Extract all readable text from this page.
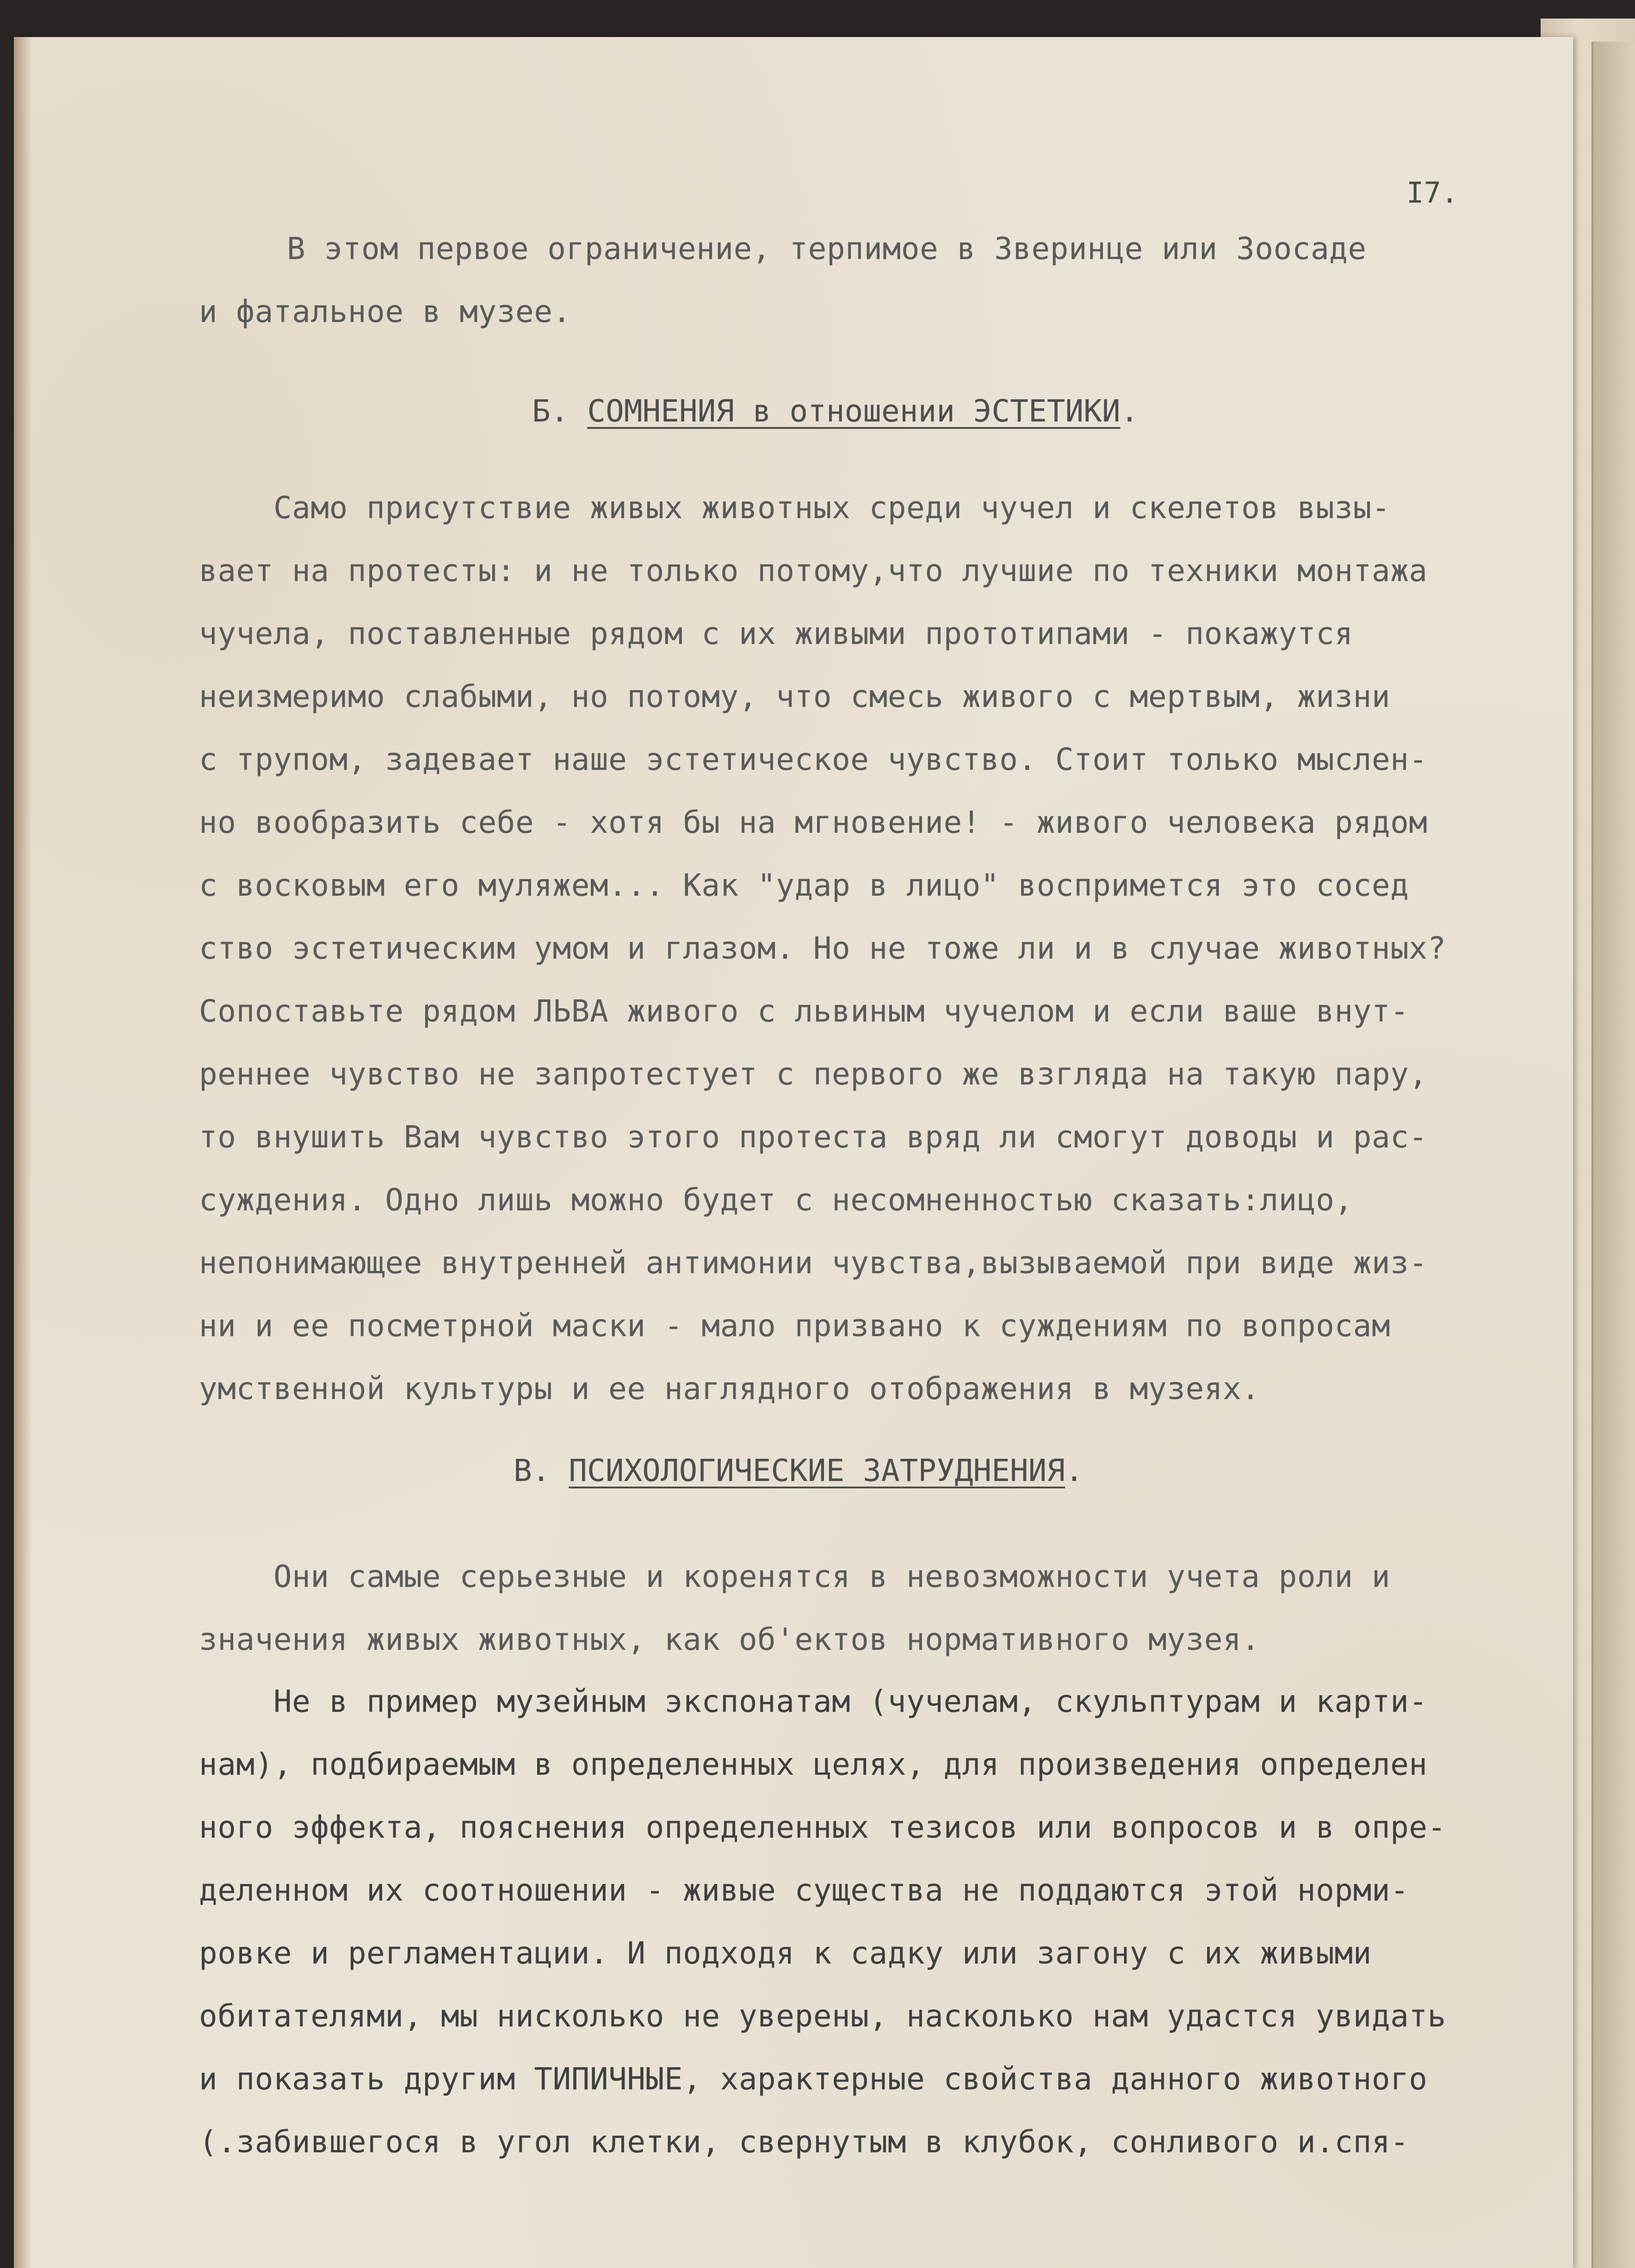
I7.
В этом первое ограничение, терпимое в Зверинце или Зоосаде
и фатальное в музее.
Б. СОМНЕНИЯ в отношении ЭСТЕТИКИ.
Само присутствие живых животных среди чучел и скелетов вызы-
вает на протесты: и не только потому,что лучшие по техники монтажа
чучела, поставленные рядом с их живыми прототипами - покажутся
неизмеримо слабыми, но потому, что смесь живого с мертвым, жизни
с трупом, задевает наше эстетическое чувство. Стоит только мыслен-
но вообразить себе - хотя бы на мгновение! - живого человека рядом
с восковым его муляжем... Как "удар в лицо" воспримется это сосед
ство эстетическим умом и глазом. Но не тоже ли и в случае животных?
Сопоставьте рядом ЛЬВА живого с львиным чучелом и если ваше внут-
реннее чувство не запротестует с первого же взгляда на такую пару,
то внушить Вам чувство этого протеста вряд ли смогут доводы и рас-
суждения. Одно лишь можно будет с несомненностью сказать:лицо,
непонимающее внутренней антимонии чувства,вызываемой при виде жиз-
ни и ее посметрной маски - мало призвано к суждениям по вопросам
умственной культуры и ее наглядного отображения в музеях.
В. ПСИХОЛОГИЧЕСКИЕ ЗАТРУДНЕНИЯ.
Они самые серьезные и коренятся в невозможности учета роли и
значения живых животных, как об'ектов нормативного музея.
Не в пример музейным экспонатам (чучелам, скульптурам и карти-
нам), подбираемым в определенных целях, для произведения определен
ного эффекта, пояснения определенных тезисов или вопросов и в опре-
деленном их соотношении - живые существа не поддаются этой норми-
ровке и регламентации. И подходя к садку или загону с их живыми
обитателями, мы нисколько не уверены, насколько нам удастся увидать
и показать другим ТИПИЧНЫЕ, характерные свойства данного животного
(.забившегося в угол клетки, свернутым в клубок, сонливого и.спя-
